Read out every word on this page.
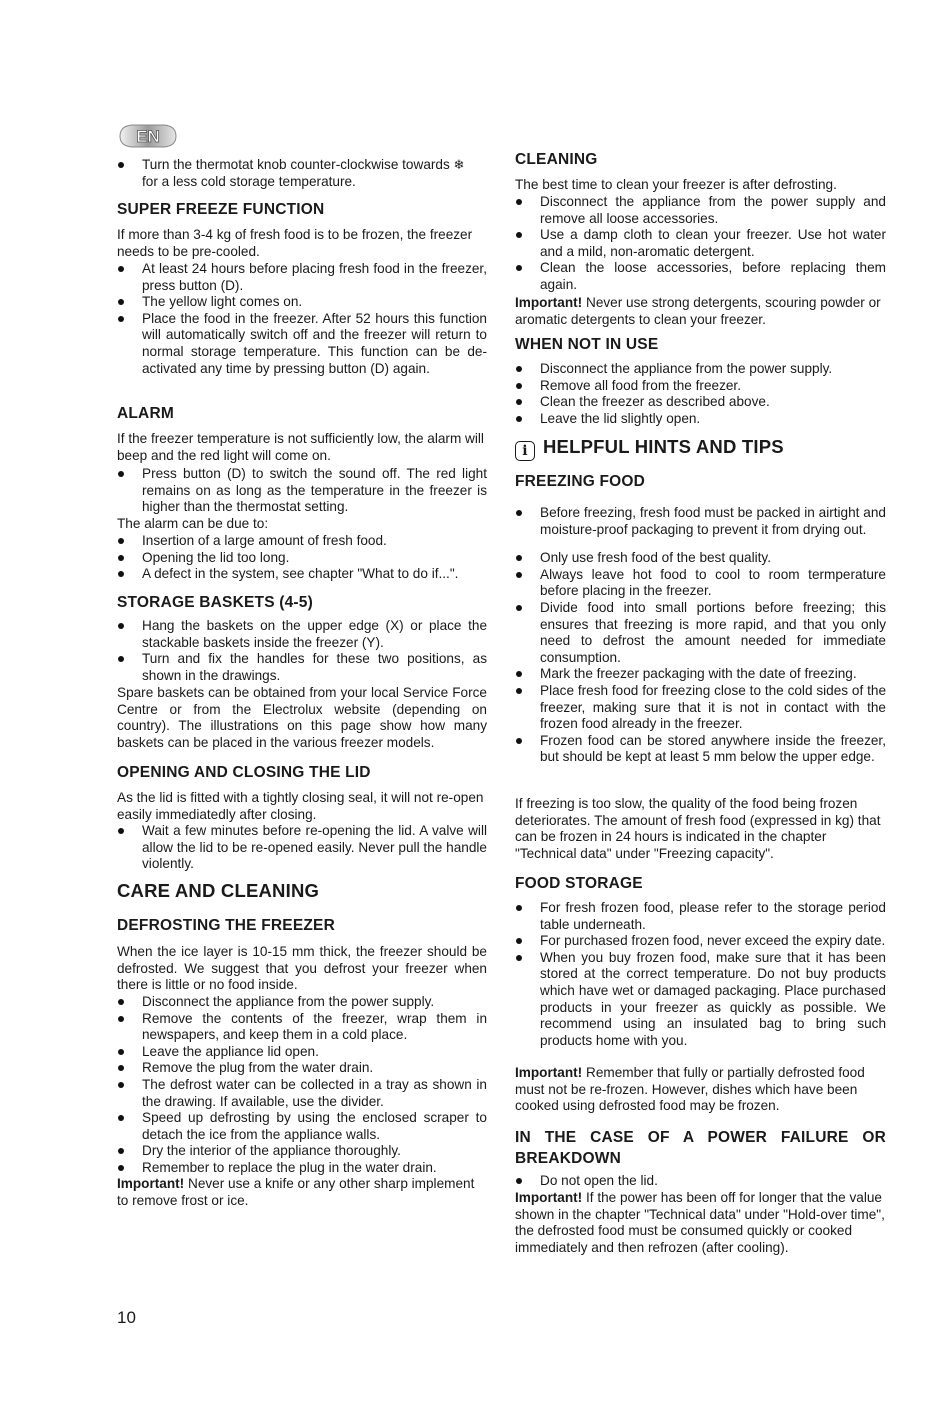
EN
Turn the thermotat knob counter-clockwise towards ❄
for a less cold storage temperature.
SUPER FREEZE FUNCTION

If more than 3-4 kg of fresh food is to be frozen, the freezer needs to be pre-cooled.

At least 24 hours before placing fresh food in the freezer, press button (D).
The yellow light comes on.
Place the food in the freezer. After 52 hours this function will automatically switch off and the freezer will return to normal storage temperature. This function can be de-activated any time by pressing button (D) again.
ALARM

If the freezer temperature is not sufficiently low, the alarm will beep and the red light will come on.

Press button (D) to switch the sound off. The red light remains on as long as the temperature in the freezer is higher than the thermostat setting.

The alarm can be due to:

Insertion of a large amount of fresh food.
Opening the lid too long.
A defect in the system, see chapter "What to do if...".
STORAGE BASKETS (4-5)
Hang the baskets on the upper edge (X) or place the stackable baskets inside the freezer (Y).
Turn and fix the handles for these two positions, as shown in the drawings.

Spare baskets can be obtained from your local Service Force Centre or from the Electrolux website (depending on country). The illustrations on this page show how many baskets can be placed in the various freezer models.

OPENING AND CLOSING THE LID

As the lid is fitted with a tightly closing seal, it will not re-open easily immediatedly after closing.

Wait a few minutes before re-opening the lid. A valve will allow the lid to be re-opened easily. Never pull the handle violently.
CARE AND CLEANING
DEFROSTING THE FREEZER

When the ice layer is 10-15 mm thick, the freezer should be defrosted. We suggest that you defrost your freezer when there is little or no food inside.

Disconnect the appliance from the power supply.
Remove the contents of the freezer, wrap them in newspapers, and keep them in a cold place.
Leave the appliance lid open.
Remove the plug from the water drain.
The defrost water can be collected in a tray as shown in the drawing. If available, use the divider.
Speed up defrosting by using the enclosed scraper to detach the ice from the appliance walls.
Dry the interior of the appliance thoroughly.
Remember to replace the plug in the water drain.

Important! Never use a knife or any other sharp implement to remove frost or ice.

CLEANING

The best time to clean your freezer is after defrosting.

Disconnect the appliance from the power supply and remove all loose accessories.
Use a damp cloth to clean your freezer. Use hot water and a mild, non-aromatic detergent.
Clean the loose accessories, before replacing them again.

Important! Never use strong detergents, scouring powder or aromatic detergents to clean your freezer.

WHEN NOT IN USE
Disconnect the appliance from the power supply.
Remove all food from the freezer.
Clean the freezer as described above.
Leave the lid slightly open.
i HELPFUL HINTS AND TIPS
FREEZING FOOD
Before freezing, fresh food must be packed in airtight and moisture-proof packaging to prevent it from drying out.
Only use fresh food of the best quality.
Always leave hot food to cool to room termperature before placing in the freezer.
Divide food into small portions before freezing; this ensures that freezing is more rapid, and that you only need to defrost the amount needed for immediate consumption.
Mark the freezer packaging with the date of freezing.
Place fresh food for freezing close to the cold sides of the freezer, making sure that it is not in contact with the frozen food already in the freezer.
Frozen food can be stored anywhere inside the freezer, but should be kept at least 5 mm below the upper edge.

If freezing is too slow, the quality of the food being frozen deteriorates. The amount of fresh food (expressed in kg) that can be frozen in 24 hours is indicated in the chapter "Technical data" under "Freezing capacity".

FOOD STORAGE
For fresh frozen food, please refer to the storage period table underneath.
For purchased frozen food, never exceed the expiry date.
When you buy frozen food, make sure that it has been stored at the correct temperature. Do not buy products which have wet or damaged packaging. Place purchased products in your freezer as quickly as possible. We recommend using an insulated bag to bring such products home with you.

Important! Remember that fully or partially defrosted food must not be re-frozen. However, dishes which have been cooked using defrosted food may be frozen.

IN THE CASE OF A POWER FAILURE OR BREAKDOWN
Do not open the lid.

Important! If the power has been off for longer that the value shown in the chapter "Technical data" under "Hold-over time", the defrosted food must be consumed quickly or cooked immediately and then refrozen (after cooling).

10
